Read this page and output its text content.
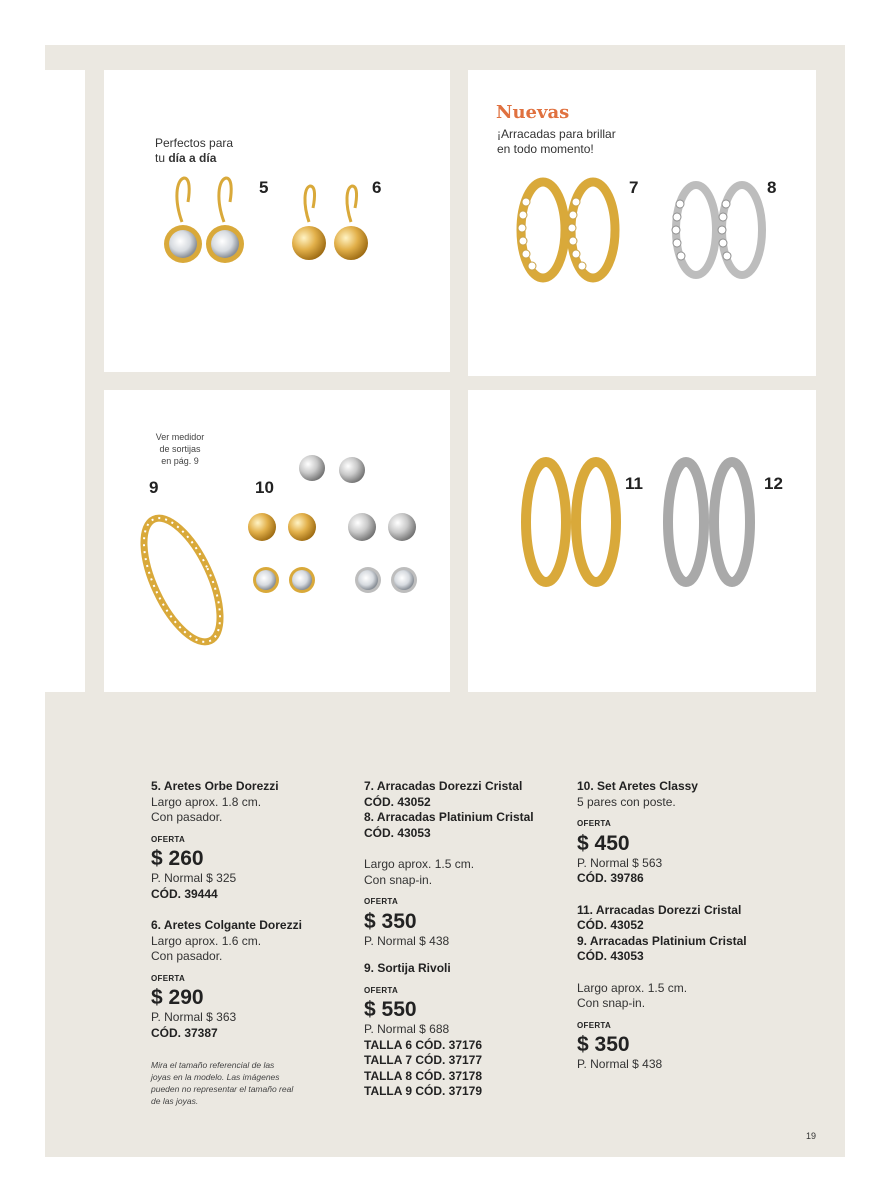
Perfectos para
tu día a día
5	6
Nuevas
¡Arracadas para brillar
en todo momento!
7	8
Ver medidor
de sortijas
en pág. 9
9	10	11	12
5. Aretes Orbe Dorezzi
Largo aprox. 1.8 cm.
Con pasador.
OFERTA
$ 260
P. Normal $ 325
CÓD. 39444
6. Aretes Colgante Dorezzi
Largo aprox. 1.6 cm.
Con pasador.
OFERTA
$ 290
P. Normal $ 363
CÓD. 37387
Mira el tamaño referencial de las
joyas en la modelo. Las imágenes
pueden no representar el tamaño real
de las joyas.
7. Arracadas Dorezzi Cristal
CÓD. 43052
8. Arracadas Platinium Cristal
CÓD. 43053
Largo aprox. 1.5 cm.
Con snap-in.
OFERTA
$ 350
P. Normal $ 438
9. Sortija Rivoli
OFERTA
$ 550
P. Normal $ 688
TALLA 6 CÓD. 37176
TALLA 7 CÓD. 37177
TALLA 8 CÓD. 37178
TALLA 9 CÓD. 37179
10. Set Aretes Classy
5 pares con poste.
OFERTA
$ 450
P. Normal $ 563
CÓD. 39786
11. Arracadas Dorezzi Cristal
CÓD. 43052
9. Arracadas Platinium Cristal
CÓD. 43053
Largo aprox. 1.5 cm.
Con snap-in.
OFERTA
$ 350
P. Normal $ 438
19
